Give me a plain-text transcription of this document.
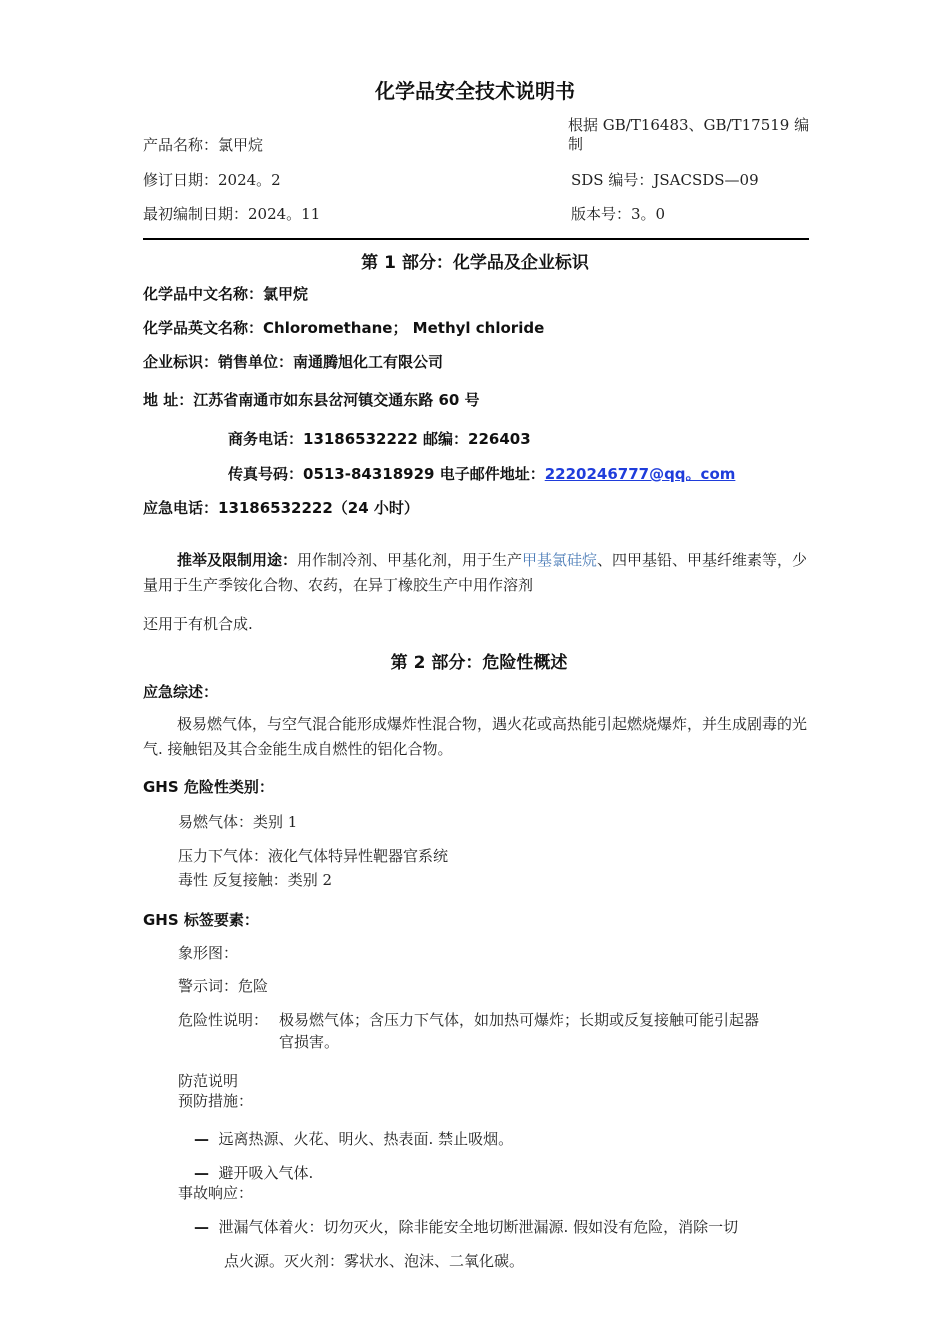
化学品安全技术说明书
产品名称：氯甲烷
根据 GB/T16483、GB/T17519 编
制
修订日期：2024。2	SDS 编号：JSACSDS—09
最初编制日期：2024。11	版本号：3。0
第 1 部分：化学品及企业标识
化学品中文名称：氯甲烷
化学品英文名称：Chloromethane； Methyl chloride
企业标识：销售单位：南通腾旭化工有限公司
地 址：江苏省南通市如东县岔河镇交通东路 60 号
商务电话：13186532222 邮编：226403
传真号码：0513-84318929 电子邮件地址：2220246777@qq。com
应急电话：13186532222（24 小时）
推举及限制用途：用作制冷剂、甲基化剂，用于生产甲基氯硅烷、四甲基铅、甲基纤维素等，少量用于生产季铵化合物、农药，在异丁橡胶生产中用作溶剂
还用于有机合成.
第 2 部分：危险性概述
应急综述：
极易燃气体，与空气混合能形成爆炸性混合物，遇火花或高热能引起燃烧爆炸，并生成剧毒的光气. 接触铝及其合金能生成自燃性的铝化合物。
GHS 危险性类别：
易燃气体：类别 1
压力下气体：液化气体特异性靶器官系统
毒性 反复接触：类别 2
GHS 标签要素：
象形图：
警示词：危险
危险性说明： 极易燃气体；含压力下气体，如加热可爆炸；长期或反复接触可能引起器
官损害。
防范说明
预防措施：
— 远离热源、火花、明火、热表面. 禁止吸烟。
— 避开吸入气体.
事故响应：
— 泄漏气体着火：切勿灭火，除非能安全地切断泄漏源. 假如没有危险，消除一切
点火源。灭火剂：雾状水、泡沫、二氧化碳。
